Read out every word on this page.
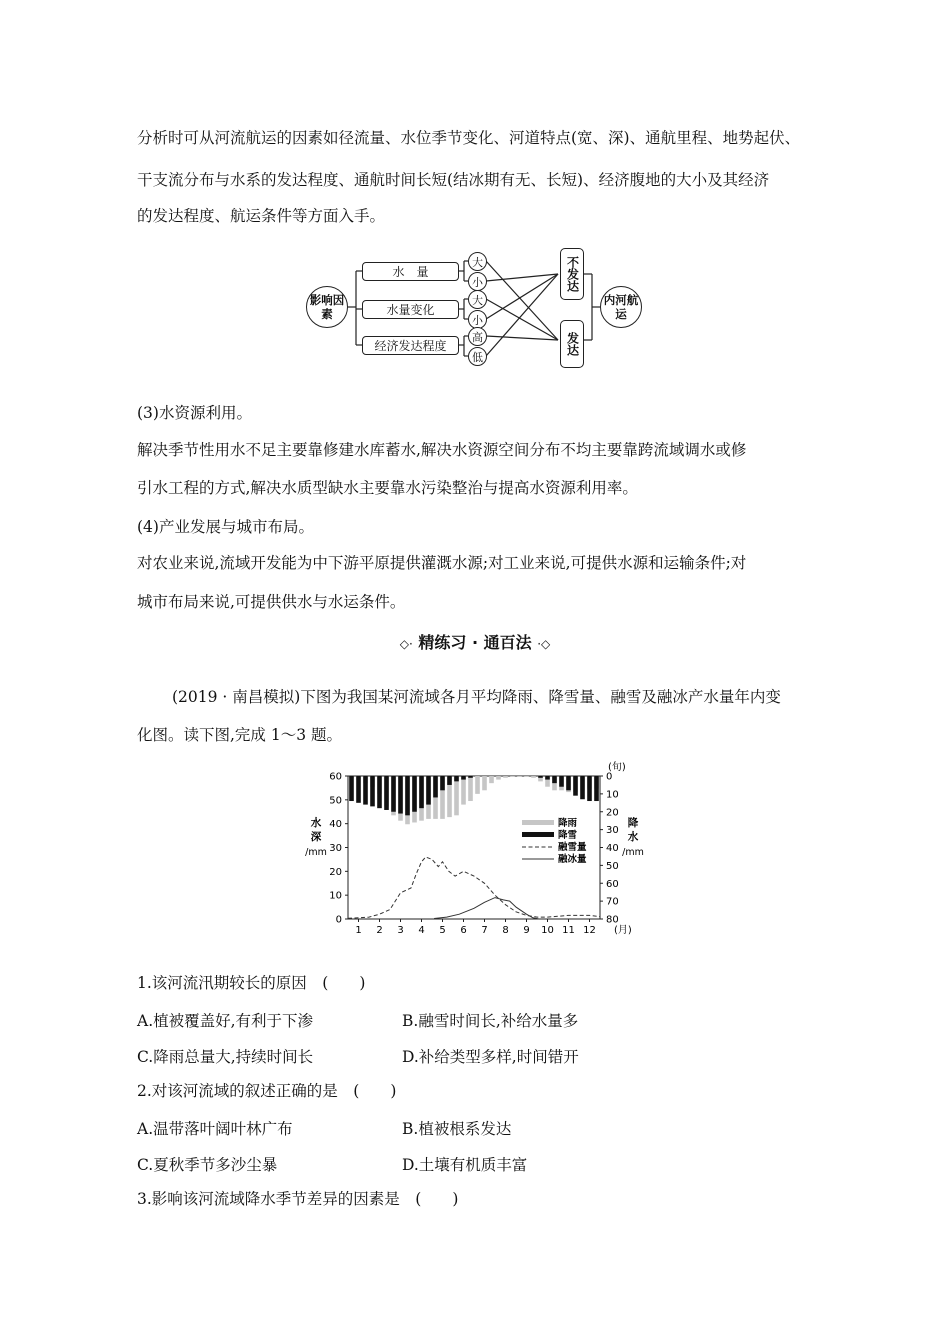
分析时可从河流航运的因素如径流量、水位季节变化、河道特点(宽、深)、通航里程、地势起伏、
干支流分布与水系的发达程度、通航时间长短(结冰期有无、长短)、经济腹地的大小及其经济
的发达程度、航运条件等方面入手。
影响因素
水　量
水量变化
经济发达程度
大
小
大
小
高
低
不发达
发达
内河航运
(3)水资源利用。
解决季节性用水不足主要靠修建水库蓄水,解决水资源空间分布不均主要靠跨流域调水或修
引水工程的方式,解决水质型缺水主要靠水污染整治与提高水资源利用率。
(4)产业发展与城市布局。
对农业来说,流域开发能为中下游平原提供灌溉水源;对工业来说,可提供水源和运输条件;对
城市布局来说,可提供供水与水运条件。
◇· 精练习 · 通百法 ·◇
(2019 · 南昌模拟)下图为我国某河流域各月平均降雨、降雪量、融雪及融冰产水量年内变
化图。读下图,完成 1～3 题。
0
10
20
30
40
50
60	0
10
20
30
40
50
60
70
80
1 2 3 4 5 6 7 8 9 10 11 12 (月)
(旬)
水
深
/mm
降
水
/mm
降雨
降雪
融雪量
融冰量
1.该河流汛期较长的原因　(　　)
A.植被覆盖好,有利于下渗	B.融雪时间长,补给水量多
C.降雨总量大,持续时间长	D.补给类型多样,时间错开
2.对该河流域的叙述正确的是　(　　)
A.温带落叶阔叶林广布	B.植被根系发达
C.夏秋季节多沙尘暴	D.土壤有机质丰富
3.影响该河流域降水季节差异的因素是　(　　)
